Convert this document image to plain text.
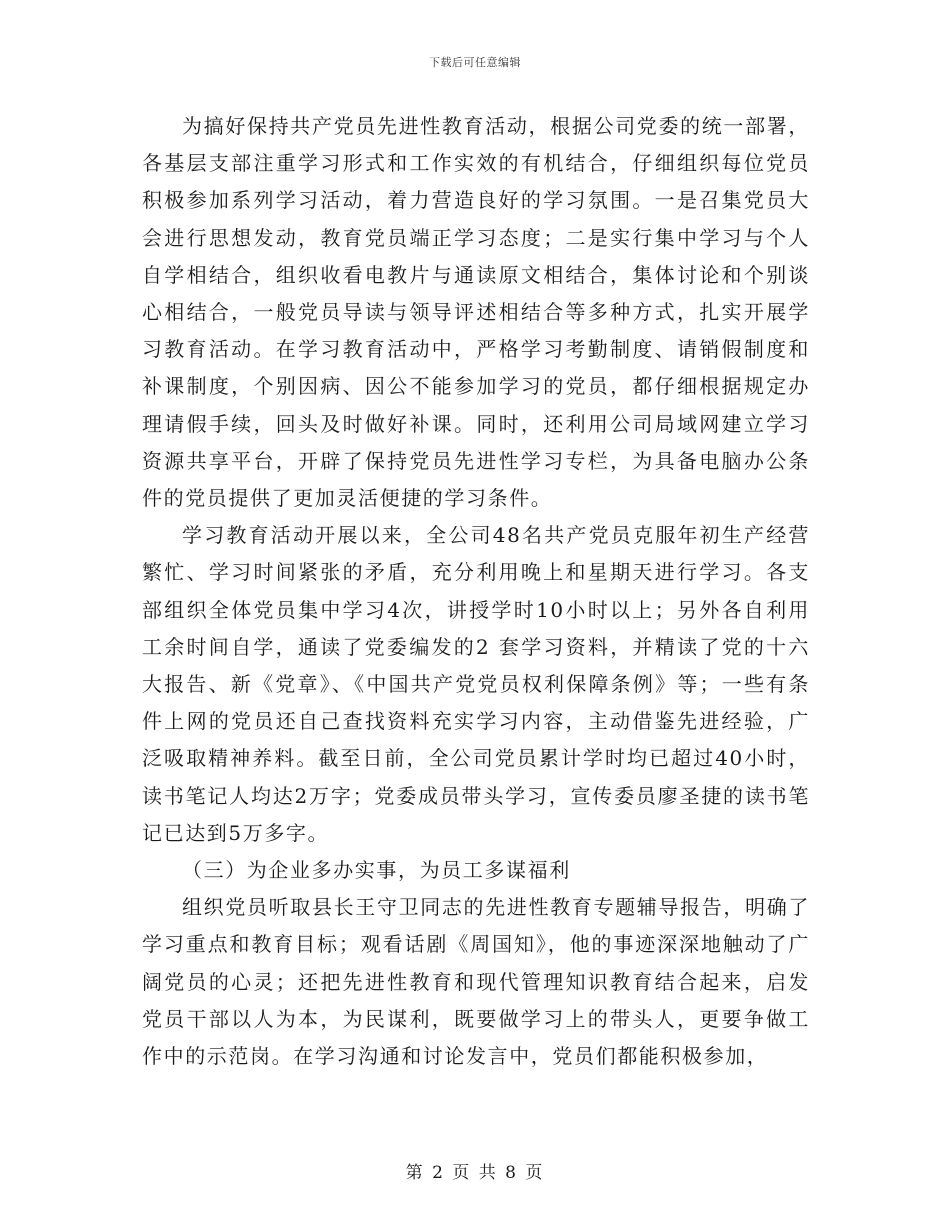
下载后可任意编辑

为搞好保持共产党员先进性教育活动，根据公司党委的统一部署，各基层支部注重学习形式和工作实效的有机结合，仔细组织每位党员积极参加系列学习活动，着力营造良好的学习氛围。一是召集党员大会进行思想发动，教育党员端正学习态度；二是实行集中学习与个人自学相结合，组织收看电教片与通读原文相结合，集体讨论和个别谈心相结合，一般党员导读与领导评述相结合等多种方式，扎实开展学习教育活动。在学习教育活动中，严格学习考勤制度、请销假制度和补课制度，个别因病、因公不能参加学习的党员，都仔细根据规定办理请假手续，回头及时做好补课。同时，还利用公司局域网建立学习资源共享平台，开辟了保持党员先进性学习专栏，为具备电脑办公条件的党员提供了更加灵活便捷的学习条件。

学习教育活动开展以来，全公司48名共产党员克服年初生产经营繁忙、学习时间紧张的矛盾，充分利用晚上和星期天进行学习。各支部组织全体党员集中学习4次，讲授学时10小时以上；另外各自利用工余时间自学，通读了党委编发的2 套学习资料，并精读了党的十六大报告、新《党章》、《中国共产党党员权利保障条例》等；一些有条件上网的党员还自己查找资料充实学习内容，主动借鉴先进经验，广泛吸取精神养料。截至日前，全公司党员累计学时均已超过40小时，读书笔记人均达2万字；党委成员带头学习，宣传委员廖圣捷的读书笔记已达到5万多字。

（三）为企业多办实事，为员工多谋福利

组织党员听取县长王守卫同志的先进性教育专题辅导报告，明确了学习重点和教育目标；观看话剧《周国知》，他的事迹深深地触动了广阔党员的心灵；还把先进性教育和现代管理知识教育结合起来，启发党员干部以人为本，为民谋利，既要做学习上的带头人，更要争做工作中的示范岗。在学习沟通和讨论发言中，党员们都能积极参加，

第 2 页 共 8 页
